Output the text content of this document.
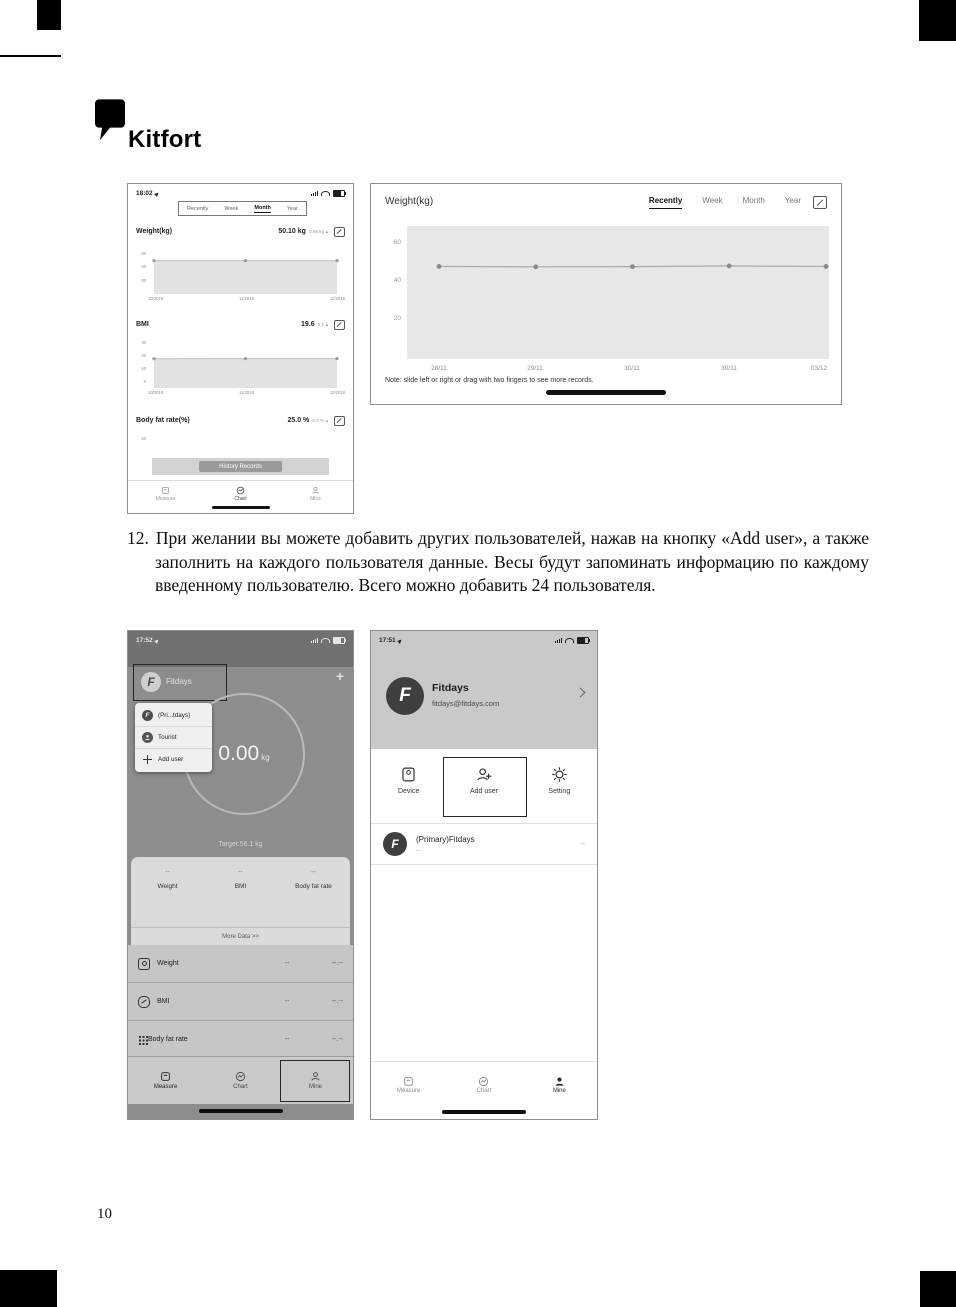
Kitfort
18:02
Recently	Week	Month	Year
Weight(kg)	50.10 kg 0.08 kg ▲
60
40
20
10/2018	11/2018	12/2018
BMI	19.6 0.1 ▲
30
20
10
0
10/2018	11/2018	12/2018
Body fat rate(%)	25.0 % 0.3 % ▲
40
History Records
Measure	Chart	Mine
Weight(kg)	Recently	Week	Month	Year
60
40
20
28/11	29/11	30/11	30/11	03/12
Note: slide left or right or drag with two fingers to see more records.
12. При желании вы можете добавить других пользователей, нажав на кнопку «Add user», а также заполнить на каждого пользователя данные. Весы будут запоминать информацию по каждому введенному пользователю. Всего можно добавить 24 пользователя.
17:52
F	Fitdays	+
0.00 kg
Target:56.1 kg
F	(Pri...tdays)
Tourist
Add user
--
Weight
--
BMI
--
Body fat rate
More Data >>
Weight	--	--.--
BMI	--	--.--
Body fat rate	--	--.--
Measure	Chart	Mine
17:51
F	Fitdays
fitdays@fitdays.com
Device	Add user	Setting
F	(Primary)Fitdays
--
--
Measure	Chart	Mine
10
